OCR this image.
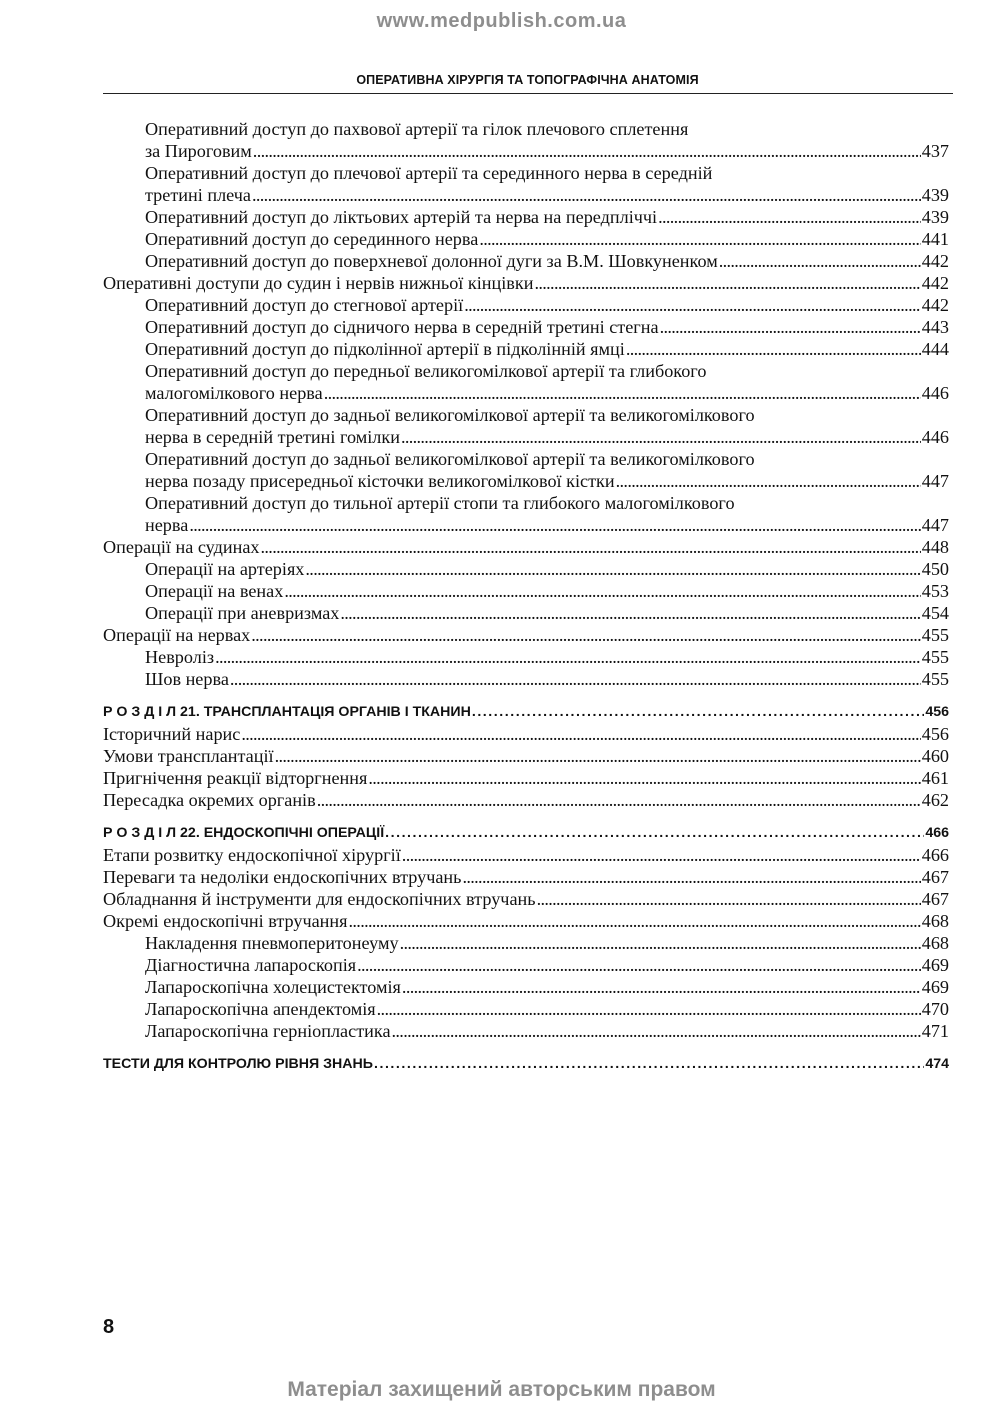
www.medpublish.com.ua
ОПЕРАТИВНА ХІРУРГІЯ ТА ТОПОГРАФІЧНА АНАТОМІЯ
Оперативний доступ до пахвової артерії та гілок плечового сплетення
за Пироговим . . .	437
Оперативний доступ до плечової артерії та серединного нерва в середній
третині плеча . . .	439
Оперативний доступ до ліктьових артерій та нерва на передпліччі . . .	439
Оперативний доступ до серединного нерва . . .	441
Оперативний доступ до поверхневої долонної дуги за В.М. Шовкуненком . . .	442
Оперативні доступи до судин і нервів нижньої кінцівки . . .	442
Оперативний доступ до стегнової артерії . . .	442
Оперативний доступ до сідничого нерва в середній третині стегна . . .	443
Оперативний доступ до підколінної артерії в підколінній ямці . . .	444
Оперативний доступ до передньої великогомілкової артерії та глибокого
малогомілкового нерва . . .	446
Оперативний доступ до задньої великогомілкової артерії та великогомілкового
нерва в середній третині гомілки . . .	446
Оперативний доступ до задньої великогомілкової артерії та великогомілкового
нерва позаду присередньої кісточки великогомілкової кістки . . .	447
Оперативний доступ до тильної артерії стопи та глибокого малогомілкового
нерва . . .	447
Операції на судинах . . .	448
Операції на артеріях . . .	450
Операції на венах . . .	453
Операції при аневризмах . . .	454
Операції на нервах . . .	455
Невроліз . . .	455
Шов нерва . . .	455
Р О З Д І Л 21. ТРАНСПЛАНТАЦІЯ ОРГАНІВ І ТКАНИН . . .	456
Історичний нарис . . .	456
Умови трансплантації . . .	460
Пригнічення реакції відторгнення . . .	461
Пересадка окремих органів . . .	462
Р О З Д І Л 22. ЕНДОСКОПІЧНІ ОПЕРАЦІЇ . . .	466
Етапи розвитку ендоскопічної хірургії . . .	466
Переваги та недоліки ендоскопічних втручань . . .	467
Обладнання й інструменти для ендоскопічних втручань . . .	467
Окремі ендоскопічні втручання . . .	468
Накладення пневмоперитонеуму . . .	468
Діагностична лапароскопія . . .	469
Лапароскопічна холецистектомія . . .	469
Лапароскопічна апендектомія . . .	470
Лапароскопічна герніопластика . . .	471
ТЕСТИ ДЛЯ КОНТРОЛЮ РІВНЯ ЗНАНЬ . . .	474
8
Матеріал захищений авторським правом
